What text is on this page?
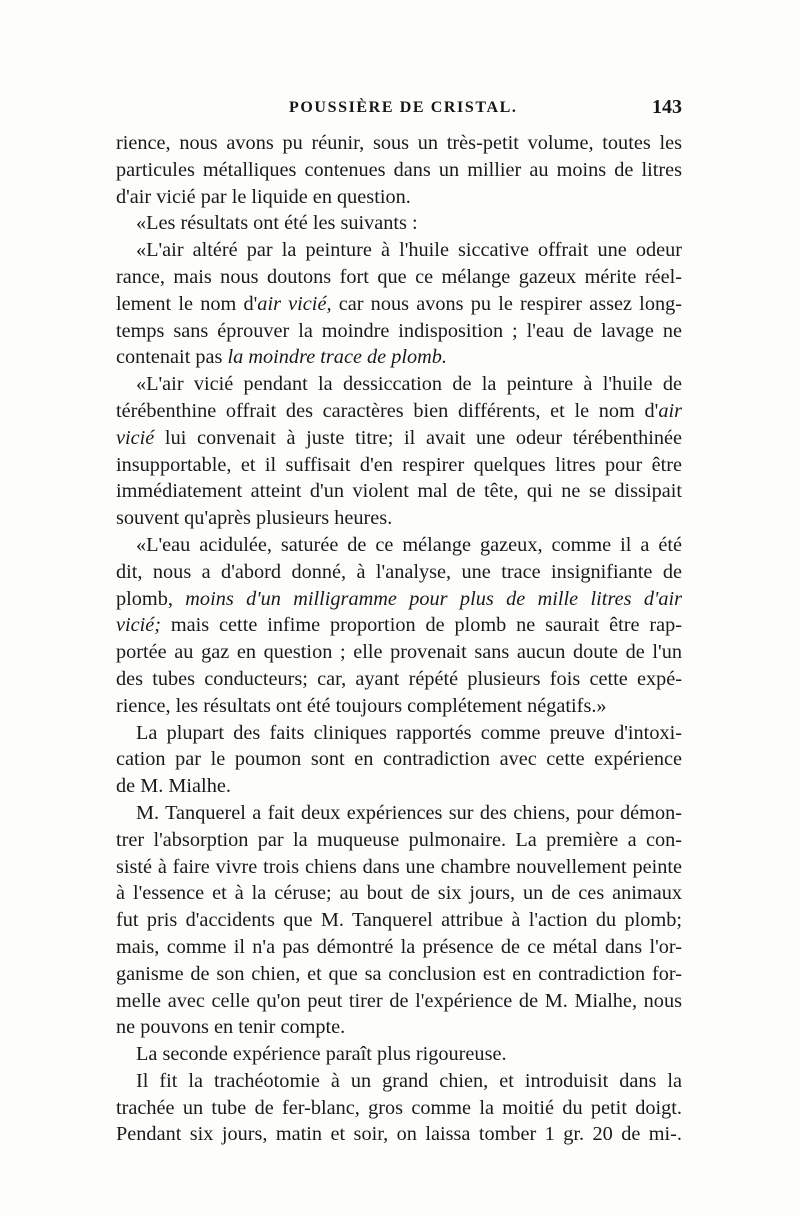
POUSSIÈRE DE CRISTAL.	143
rience, nous avons pu réunir, sous un très-petit volume, toutes les
particules métalliques contenues dans un millier au moins de litres
d'air vicié par le liquide en question.
«Les résultats ont été les suivants :
«L'air altéré par la peinture à l'huile siccative offrait une odeur
rance, mais nous doutons fort que ce mélange gazeux mérite réel-
lement le nom d'air vicié, car nous avons pu le respirer assez long-
temps sans éprouver la moindre indisposition ; l'eau de lavage ne
contenait pas la moindre trace de plomb.
«L'air vicié pendant la dessiccation de la peinture à l'huile de
térébenthine offrait des caractères bien différents, et le nom d'air
vicié lui convenait à juste titre; il avait une odeur térébenthinée
insupportable, et il suffisait d'en respirer quelques litres pour être
immédiatement atteint d'un violent mal de tête, qui ne se dissipait
souvent qu'après plusieurs heures.
«L'eau acidulée, saturée de ce mélange gazeux, comme il a été
dit, nous a d'abord donné, à l'analyse, une trace insignifiante de
plomb, moins d'un milligramme pour plus de mille litres d'air
vicié; mais cette infime proportion de plomb ne saurait être rap-
portée au gaz en question ; elle provenait sans aucun doute de l'un
des tubes conducteurs; car, ayant répété plusieurs fois cette expé-
rience, les résultats ont été toujours complétement négatifs.»
La plupart des faits cliniques rapportés comme preuve d'intoxi-
cation par le poumon sont en contradiction avec cette expérience
de M. Mialhe.
M. Tanquerel a fait deux expériences sur des chiens, pour démon-
trer l'absorption par la muqueuse pulmonaire. La première a con-
sisté à faire vivre trois chiens dans une chambre nouvellement peinte
à l'essence et à la céruse; au bout de six jours, un de ces animaux
fut pris d'accidents que M. Tanquerel attribue à l'action du plomb;
mais, comme il n'a pas démontré la présence de ce métal dans l'or-
ganisme de son chien, et que sa conclusion est en contradiction for-
melle avec celle qu'on peut tirer de l'expérience de M. Mialhe, nous
ne pouvons en tenir compte.
La seconde expérience paraît plus rigoureuse.
Il fit la trachéotomie à un grand chien, et introduisit dans la
trachée un tube de fer-blanc, gros comme la moitié du petit doigt.
Pendant six jours, matin et soir, on laissa tomber 1 gr. 20 de mi-.
